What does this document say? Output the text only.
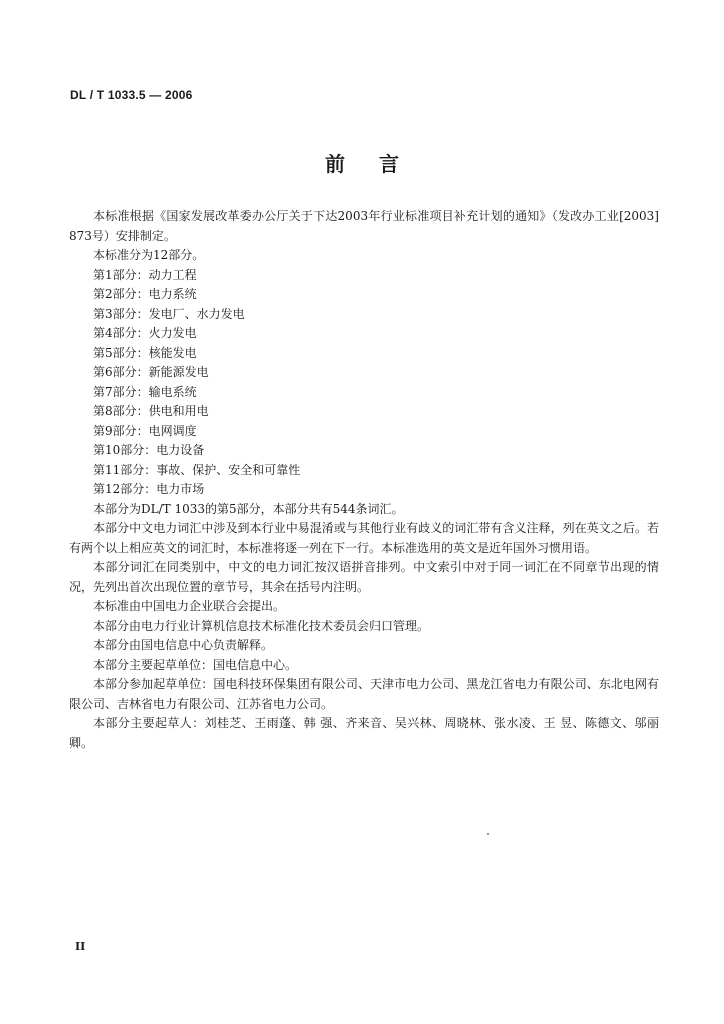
DL / T 1033.5 — 2006
前言

本标准根据《国家发展改革委办公厅关于下达2003年行业标准项目补充计划的通知》（发改办工业[2003] 873号）安排制定。

本标准分为12部分。

第1部分：动力工程

第2部分：电力系统

第3部分：发电厂、水力发电

第4部分：火力发电

第5部分：核能发电

第6部分：新能源发电

第7部分：输电系统

第8部分：供电和用电

第9部分：电网调度

第10部分：电力设备

第11部分：事故、保护、安全和可靠性

第12部分：电力市场

本部分为DL/T 1033的第5部分，本部分共有544条词汇。

本部分中文电力词汇中涉及到本行业中易混淆或与其他行业有歧义的词汇带有含义注释，列在英文之后。若有两个以上相应英文的词汇时，本标准将逐一列在下一行。本标准选用的英文是近年国外习惯用语。

本部分词汇在同类别中，中文的电力词汇按汉语拼音排列。中文索引中对于同一词汇在不同章节出现的情况，先列出首次出现位置的章节号，其余在括号内注明。

本标准由中国电力企业联合会提出。

本部分由电力行业计算机信息技术标准化技术委员会归口管理。

本部分由国电信息中心负责解释。

本部分主要起草单位：国电信息中心。

本部分参加起草单位：国电科技环保集团有限公司、天津市电力公司、黑龙江省电力有限公司、东北电网有限公司、吉林省电力有限公司、江苏省电力公司。

本部分主要起草人：刘桂芝、王雨蓬、韩 强、齐来音、吴兴林、周晓林、张水凌、王 昱、陈德文、邬丽卿。

II
